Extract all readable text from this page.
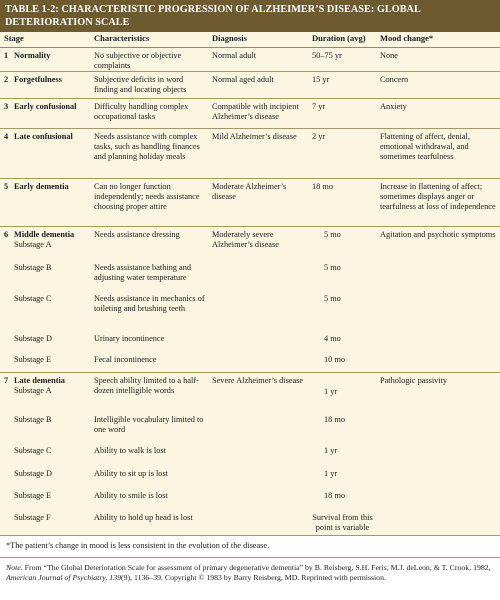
TABLE 1-2: CHARACTERISTIC PROGRESSION OF ALZHEIMER’S DISEASE: GLOBAL DETERIORATION SCALE
Stage	Characteristics	Diagnosis	Duration (avg)	Mood change*
1 Normality	No subjective or objective complaints	Normal adult	50–75 yr	None
2 Forgetfulness	Subjective deficits in word finding and locating objects	Normal aged adult	15 yr	Concern
3 Early confusional	Difficulty handling complex occupational tasks	Compatible with incipient Alzheimer’s disease	7 yr	Anxiety
4 Late confusional	Needs assistance with complex tasks, such as handling finances and planning holiday meals	Mild Alzheimer’s disease	2 yr	Flattening of affect, denial, emotional withdrawal, and sometimes tearfulness
5 Early dementia	Can no longer function independently; needs assistance choosing proper attire	Moderate Alzheimer’s disease	18 mo	Increase in flattening of affect; sometimes displays anger or tearfulness at loss of independence
6 Middle dementia
Substage A	Needs assistance dressing	Moderately severe Alzheimer’s disease	5 mo	Agitation and psychotic symptoms

Substage B	Needs assistance bathing and adjusting water temperature		5 mo	

Substage C	Needs assistance in mechanics of toileting and brushing teeth		5 mo	

Substage D	Urinary incontinence		4 mo	

Substage E	Fecal incontinence		10 mo	
7 Late dementia
Substage A	Speech ability limited to a half-dozen intelligible words	Severe Alzheimer’s disease	1 yr	Pathologic passivity

Substage B	Intelligible vocabulary limited to one word		18 mo	

Substage C	Ability to walk is lost		1 yr	

Substage D	Ability to sit up is lost		1 yr	

Substage E	Ability to smile is lost		18 mo	

Substage F	Ability to hold up head is lost		Survival from this point is variable	
*The patient’s change in mood is less consistent in the evolution of the disease.
Note. From “The Global Deterioration Scale for assessment of primary degenerative dementia” by B. Reisberg, S.H. Feris, M.J. deLeon, & T. Crook, 1982, American Journal of Psychiatry, 139(9), 1136–39. Copyright © 1983 by Barry Reisberg, MD. Reprinted with permission.
